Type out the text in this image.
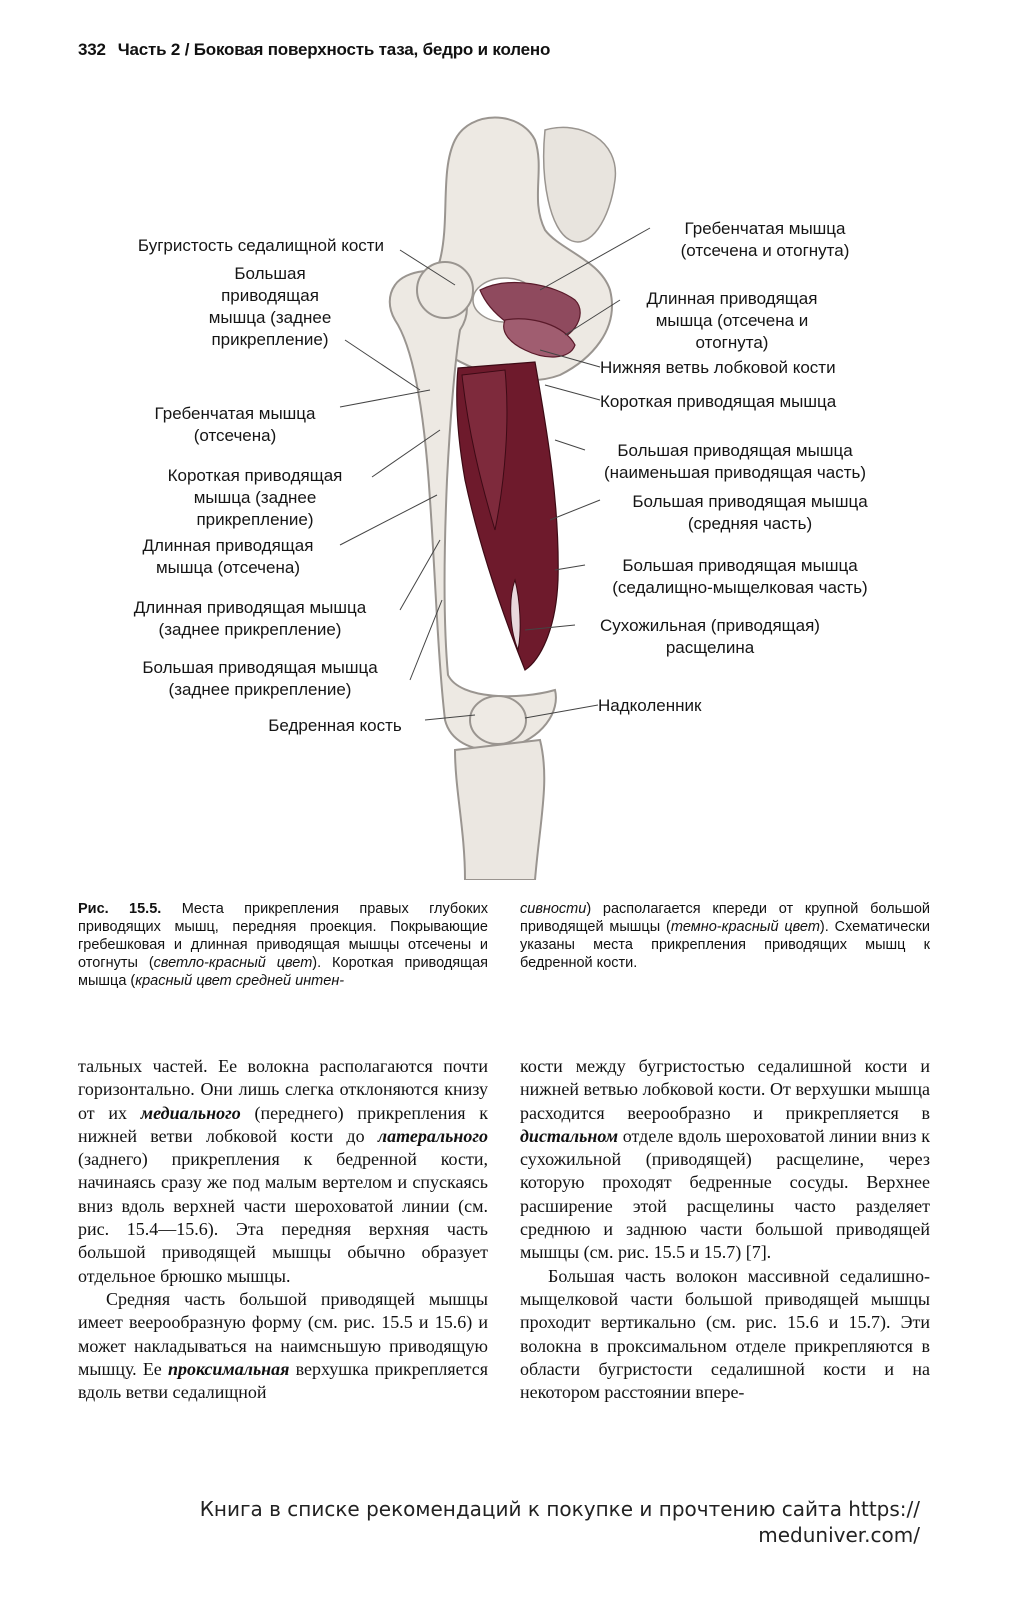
332 Часть 2 / Боковая поверхность таза, бедро и колено
Бугристость седалищной кости
Большая
приводящая
мышца (заднее
прикрепление)
Гребенчатая мышца
(отсечена)
Короткая приводящая
мышца (заднее
прикрепление)
Длинная приводящая
мышца (отсечена)
Длинная приводящая мышца
(заднее прикрепление)
Большая приводящая мышца
(заднее прикрепление)
Бедренная кость
Гребенчатая мышца
(отсечена и отогнута)
Длинная приводящая
мышца (отсечена и
отогнута)
Нижняя ветвь лобковой кости
Короткая приводящая мышца
Большая приводящая мышца
(наименьшая приводящая часть)
Большая приводящая мышца
(средняя часть)
Большая приводящая мышца
(седалищно-мыщелковая часть)
Сухожильная (приводящая)
расщелина
Надколенник
Рис. 15.5. Места прикрепления правых глубоких приводящих мышц, передняя проекция. Покрывающие гребешковая и длинная приводящая мышцы отсечены и отогнуты (светло-красный цвет). Короткая приводящая мышца (красный цвет средней интен-
сивности) располагается кпереди от крупной большой приводящей мышцы (темно-красный цвет). Схематически указаны места прикрепления приводящих мышц к бедренной кости.

тальных частей. Ее волокна располагаются почти горизонтально. Они лишь слегка отклоняются книзу от их медиального (переднего) прикрепления к нижней ветви лобковой кости до латерального (заднего) прикрепления к бедренной кости, начинаясь сразу же под малым вертелом и спускаясь вниз вдоль верхней части шероховатой линии (см. рис. 15.4—15.6). Эта передняя верхняя часть большой приводящей мышцы обычно образует отдельное брюшко мышцы.

Средняя часть большой приводящей мышцы имеет веерообразную форму (см. рис. 15.5 и 15.6) и может накладываться на наимсньшую приводящую мышцу. Ее проксимальная верхушка прикрепляется вдоль ветви седалищной

кости между бугристостью седалишной кости и нижней ветвью лобковой кости. От верхушки мышца расходится веерообразно и прикрепляется в дистальном отделе вдоль шероховатой линии вниз к сухожильной (приводящей) расщелине, через которую проходят бедренные сосуды. Верхнее расширение этой расщелины часто разделяет среднюю и заднюю части большой приводящей мышцы (см. рис. 15.5 и 15.7) [7].

Большая часть волокон массивной седалишно-мыщелковой части большой приводящей мышцы проходит вертикально (см. рис. 15.6 и 15.7). Эти волокна в проксимальном отделе прикрепляются в области бугристости седалишной кости и на некотором расстоянии впере-

Книга в списке рекомендаций к покупке и прочтению сайта https://
meduniver.com/
